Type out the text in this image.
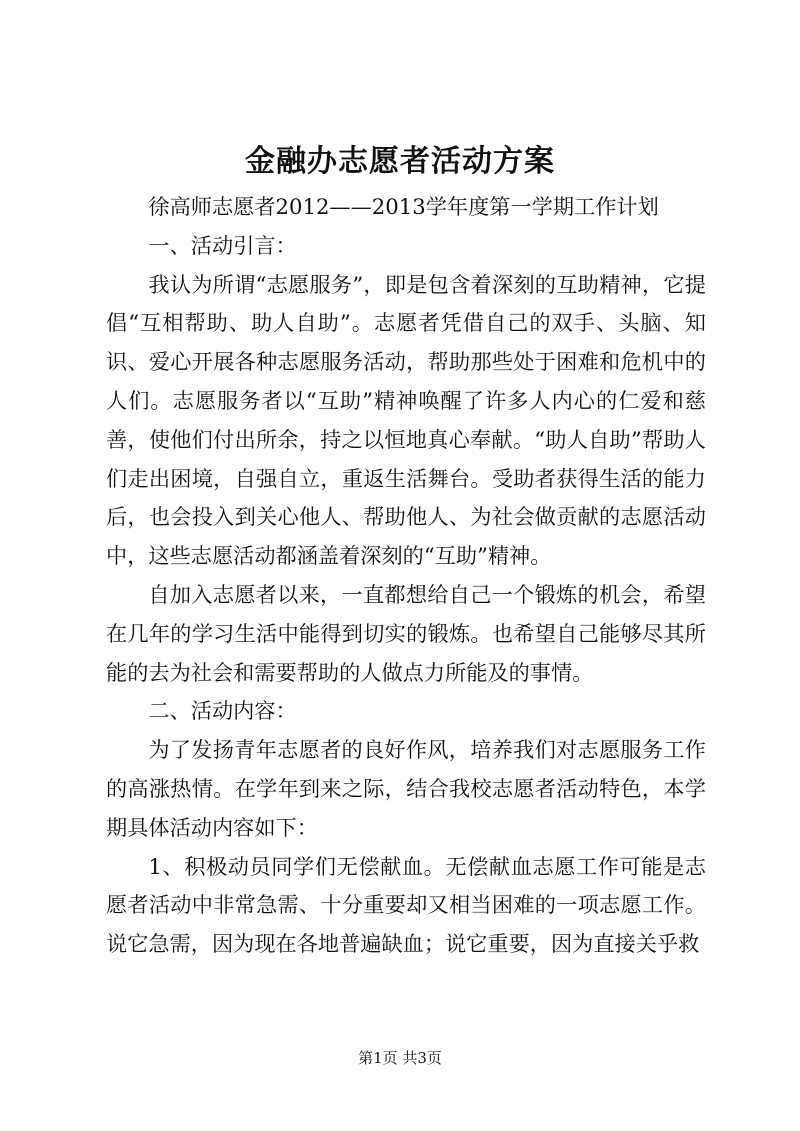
金融办志愿者活动方案

徐高师志愿者2012——2013学年度第一学期工作计划

一、活动引言：

我认为所谓“志愿服务”，即是包含着深刻的互助精神，它提倡“互相帮助、助人自助”。志愿者凭借自己的双手、头脑、知识、爱心开展各种志愿服务活动，帮助那些处于困难和危机中的人们。志愿服务者以“互助”精神唤醒了许多人内心的仁爱和慈善，使他们付出所余，持之以恒地真心奉献。“助人自助”帮助人们走出困境，自强自立，重返生活舞台。受助者获得生活的能力后，也会投入到关心他人、帮助他人、为社会做贡献的志愿活动中，这些志愿活动都涵盖着深刻的“互助”精神。

自加入志愿者以来，一直都想给自己一个锻炼的机会，希望在几年的学习生活中能得到切实的锻炼。也希望自己能够尽其所能的去为社会和需要帮助的人做点力所能及的事情。

二、活动内容：

为了发扬青年志愿者的良好作风，培养我们对志愿服务工作的高涨热情。在学年到来之际，结合我校志愿者活动特色，本学期具体活动内容如下：

1、积极动员同学们无偿献血。无偿献血志愿工作可能是志愿者活动中非常急需、十分重要却又相当困难的一项志愿工作。说它急需，因为现在各地普遍缺血；说它重要，因为直接关乎救

第1页 共3页
